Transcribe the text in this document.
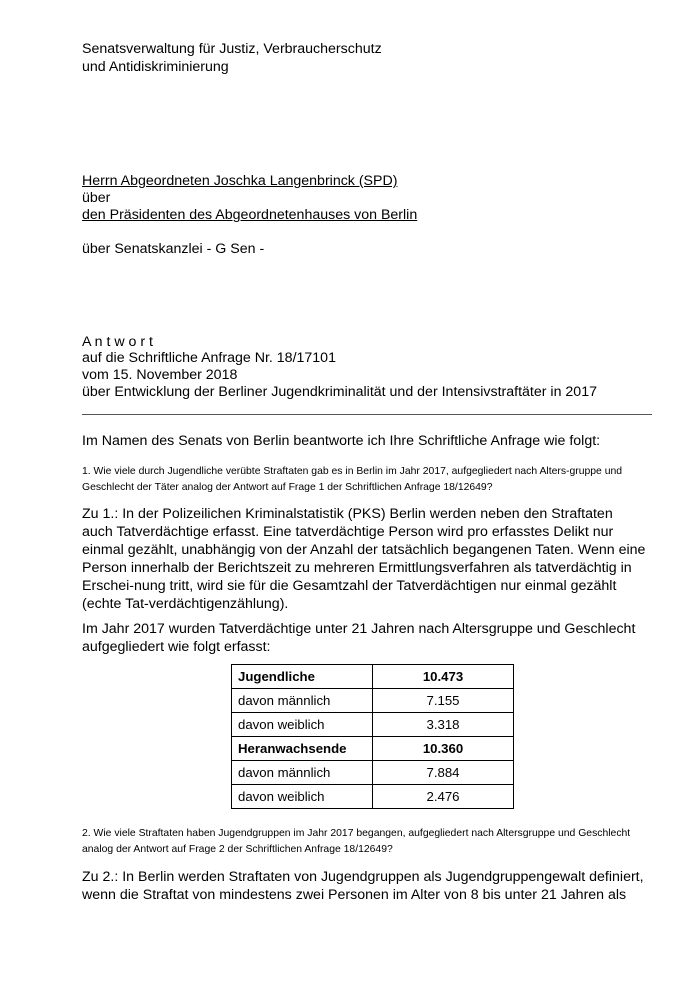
Senatsverwaltung für Justiz, Verbraucherschutz
und Antidiskriminierung
Herrn Abgeordneten Joschka Langenbrinck (SPD)
über
den Präsidenten des Abgeordnetenhauses von Berlin
über Senatskanzlei - G Sen -
A n t w o r t
auf die Schriftliche Anfrage Nr. 18/17101
vom 15. November 2018
über Entwicklung der Berliner Jugendkriminalität und der Intensivstraftäter in 2017
Im Namen des Senats von Berlin beantworte ich Ihre Schriftliche Anfrage wie folgt:
1. Wie viele durch Jugendliche verübte Straftaten gab es in Berlin im Jahr 2017, aufgegliedert nach Alters-gruppe und Geschlecht der Täter analog der Antwort auf Frage 1 der Schriftlichen Anfrage 18/12649?
Zu 1.: In der Polizeilichen Kriminalstatistik (PKS) Berlin werden neben den Straftaten auch Tatverdächtige erfasst. Eine tatverdächtige Person wird pro erfasstes Delikt nur einmal gezählt, unabhängig von der Anzahl der tatsächlich begangenen Taten. Wenn eine Person innerhalb der Berichtszeit zu mehreren Ermittlungsverfahren als tatverdächtig in Erschei-nung tritt, wird sie für die Gesamtzahl der Tatverdächtigen nur einmal gezählt (echte Tat-verdächtigenzählung).
Im Jahr 2017 wurden Tatverdächtige unter 21 Jahren nach Altersgruppe und Geschlecht aufgegliedert wie folgt erfasst:
Jugendliche	10.473
davon männlich	7.155
davon weiblich	3.318
Heranwachsende	10.360
davon männlich	7.884
davon weiblich	2.476
2. Wie viele Straftaten haben Jugendgruppen im Jahr 2017 begangen, aufgegliedert nach Altersgruppe und Geschlecht analog der Antwort auf Frage 2 der Schriftlichen Anfrage 18/12649?
Zu 2.: In Berlin werden Straftaten von Jugendgruppen als Jugendgruppengewalt definiert, wenn die Straftat von mindestens zwei Personen im Alter von 8 bis unter 21 Jahren als
